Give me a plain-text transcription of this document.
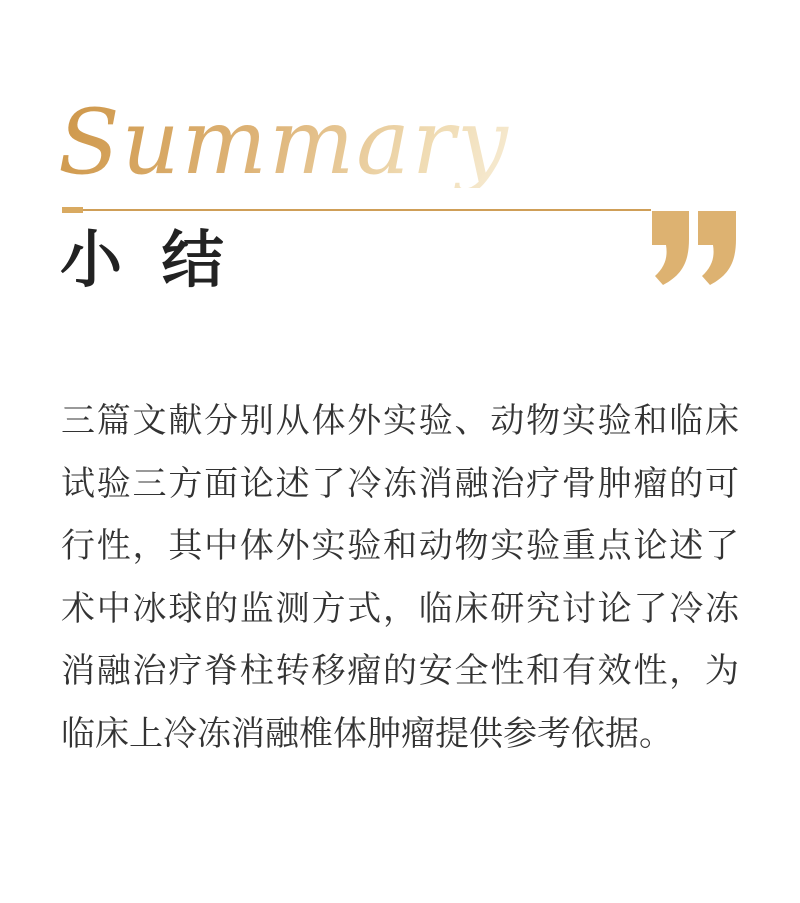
Summary
小 结

三篇文献分别从体外实验、动物实验和临床试验三方面论述了冷冻消融治疗骨肿瘤的可行性，其中体外实验和动物实验重点论述了术中冰球的监测方式，临床研究讨论了冷冻消融治疗脊柱转移瘤的安全性和有效性，为临床上冷冻消融椎体肿瘤提供参考依据。
